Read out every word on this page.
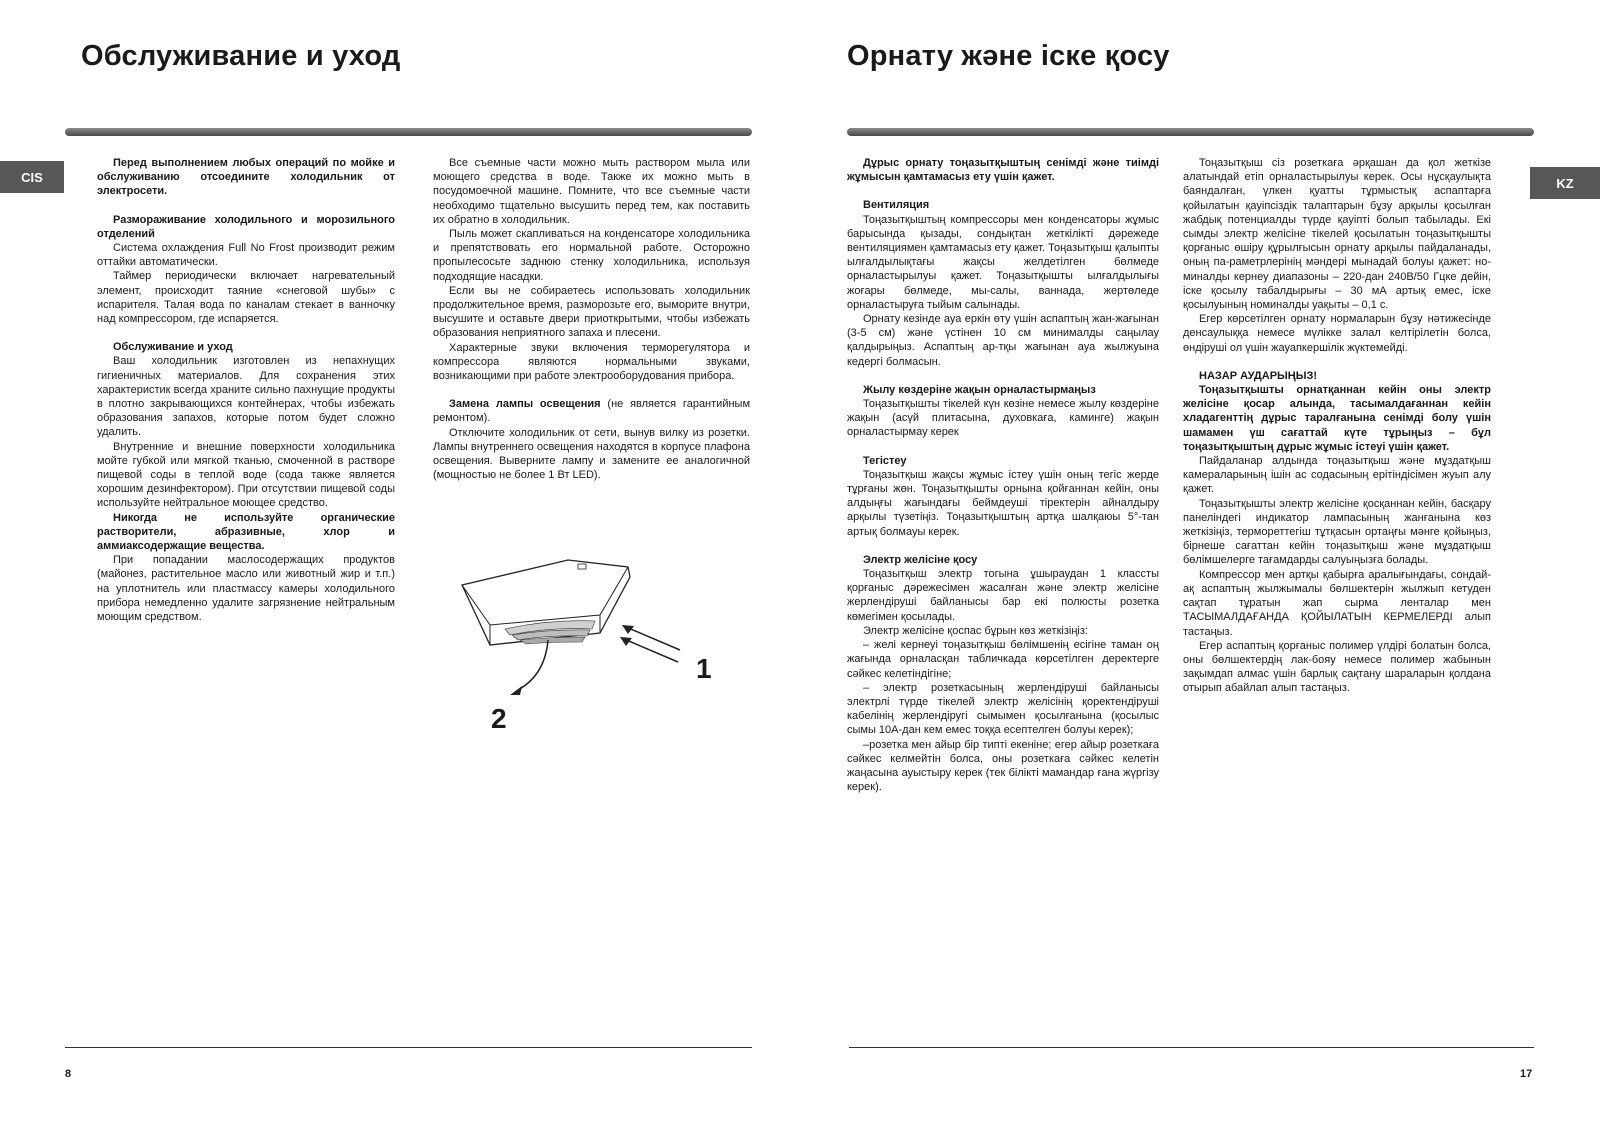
Обслуживание и уход
CIS

Перед выполнением любых операций по мойке и обслуживанию отсоедините холодильник от электросети.

Размораживание холодильного и морозильного отделений

Система охлаждения Full No Frost производит режим оттайки автоматически.

Таймер периодически включает нагревательный элемент, происходит таяние «снеговой шубы» с испарителя. Талая вода по каналам стекает в ванночку над компрессором, где испаряется.

Обслуживание и уход

Ваш холодильник изготовлен из непахнущих гигиеничных материалов. Для сохранения этих характеристик всегда храните сильно пахнущие продукты в плотно закрывающихся контейнерах, чтобы избежать образования запахов, которые потом будет сложно удалить.

Внутренние и внешние поверхности холодильника мойте губкой или мягкой тканью, смоченной в растворе пищевой соды в теплой воде (сода также является хорошим дезинфектором). При отсутствии пищевой соды используйте нейтральное моющее средство.

Никогда не используйте органические растворители, абразивные, хлор и аммиаксодержащие вещества.

При попадании маслосодержащих продуктов (майонез, растительное масло или животный жир и т.п.) на уплотнитель или пластмассу камеры холодильного прибора немедленно удалите загрязнение нейтральным моющим средством.

Все съемные части можно мыть раствором мыла или моющего средства в воде. Также их можно мыть в посудомоечной машине. Помните, что все съемные части необходимо тщательно высушить перед тем, как поставить их обратно в холодильник.

Пыль может скапливаться на конденсаторе холодильника и препятствовать его нормальной работе. Осторожно пропылесосьте заднюю стенку холодильника, используя подходящие насадки.

Если вы не собираетесь использовать холодильник продолжительное время, разморозьте его, выморите внутри, высушите и оставьте двери приоткрытыми, чтобы избежать образования неприятного запаха и плесени.

Характерные звуки включения терморегулятора и компрессора являются нормальными звуками, возникающими при работе электрооборудования прибора.

Замена лампы освещения (не является гарантийным ремонтом).

Отключите холодильник от сети, вынув вилку из розетки. Лампы внутреннего освещения находятся в корпусе плафона освещения. Выверните лампу и замените ее аналогичной (мощностью не более 1 Вт LED).

1
2
8
Орнату және іске қосу
KZ

Дұрыс орнату тоңазытқыштың сенімді және тиімді жұмысын қамтамасыз ету үшін қажет.

Вентиляция

Тоңазытқыштың компрессоры мен конденсаторы жұмыс барысында қызады, сондықтан жеткілікті дәрежеде вентиляциямен қамтамасыз ету қажет. Тоңазытқыш қалыпты ылғалдылықтағы жақсы желдетілген бөлмеде орналастырылуы қажет. Тоңазытқышты ылғалдылығы жоғары бөлмеде, мы-салы, ваннада, жертөледе орналастыруға тыйым салынады.

Орнату кезінде ауа еркін өту үшін аспаптың жан-жағынан (3-5 см) және үстінен 10 см минималды саңылау қалдырыңыз. Аспаптың ар-тқы жағынан ауа жылжуына кедергі болмасын.

Жылу көздеріне жақын орналастырмаңыз

Тоңазытқышты тікелей күн көзіне немесе жылу көздеріне жақын (асүй плитасына, духовкаға, каминге) жақын орналастырмау керек

Тегістеу

Тоңазытқыш жақсы жұмыс істеу үшін оның тегіс жерде тұрғаны жөн. Тоңазытқышты орнына қойғаннан кейін, оны алдыңғы жағындағы беймдеуші тіректерін айналдыру арқылы түзетіңіз. Тоңазытқыштың артқа шалқаюы 5°-тан артық болмауы керек.

Электр желісіне қосу

Тоңазытқыш электр тогына ұшыраудан 1 классты қорғаныс дәрежесімен жасалған және электр желісіне жерлендіруші байланысы бар екі полюсты розетка көмегімен қосылады.

Электр желісіне қоспас бұрын көз жеткізіңіз:

– желі кернеуі тоңазытқыш бөлімшенің есігіне таман оң жағында орналасқан табличкада көрсетілген деректерге сәйкес келетіндігіне;

– электр розеткасының жерлендіруші байланысы электрлі түрде тікелей электр желісінің қоректендіруші кабелінің жерлендіругі сымымен қосылғанына (қосылыс сымы 10А-дан кем емес тоққа есептелген болуы керек);

–розетка мен айыр бір типті екеніне; егер айыр розеткаға сәйкес келмейтін болса, оны розеткаға сәйкес келетін жаңасына ауыстыру керек (тек білікті мамандар ғана жүргізу керек).

Тоңазытқыш сіз розеткаға әрқашан да қол жеткізе алатындай етіп орналастырылуы керек. Осы нұсқаулықта баяндалған, үлкен қуатты тұрмыстық аспаптарға қойылатын қауіпсіздік талаптарын бұзу арқылы қосылған жабдық потенциалды түрде қауіпті болып табылады. Екі сымды электр желісіне тікелей қосылатын тоңазытқышты қорғаныс өшіру құрылғысын орнату арқылы пайдаланады, оның па-раметрлерінің мәндері мынадай болуы қажет: но-миналды кернеу диапазоны – 220-дан 240В/50 Гцке дейін, іске қосылу табалдырығы – 30 мА артық емес, іске қосылуының номиналды уақыты – 0,1 с.

Егер көрсетілген орнату нормаларын бұзу нәтижесінде денсаулыққа немесе мүлікке залал келтірілетін болса, өндіруші ол үшін жауапкершілік жүктемейді.

НАЗАР АУДАРЫҢЫЗ!

Тоңазытқышты орнатқаннан кейін оны электр желісіне қосар алында, тасымалдағаннан кейін хладагенттің дұрыс таралғанына сенімді болу үшін шамамен үш сағаттай күте тұрыңыз – бұл тоңазытқыштың дұрыс жұмыс істеуі үшін қажет.

Пайдаланар алдында тоңазытқыш және мұздатқыш камераларының ішін ас содасының ерітіндісімен жуып алу қажет.

Тоңазытқышты электр желісіне қосқаннан кейін, басқару панеліндегі индикатор лампасының жанғанына көз жеткізіңіз, термореттегіш тұтқасын ортаңғы мәнге қойыңыз, бірнеше сағаттан кейін тоңазытқыш және мұздатқыш бөлімшелерге тағамдарды салуыңызға болады.

Компрессор мен артқы қабырға аралығындағы, сондай-ақ аспаптың жылжымалы бөлшектерін жылжып кетуден сақтап тұратын жап сырма ленталар мен ТАСЫМАЛДАҒАНДА ҚОЙЫЛАТЫН КЕРМЕЛЕРДІ алып тастаңыз.

Егер аспаптың қорғаныс полимер үлдірі болатын болса, оны бөлшектердің лак-бояу немесе полимер жабынын зақымдап алмас үшін барлық сақтану шараларын қолдана отырып абайлап алып тастаңыз.

17
